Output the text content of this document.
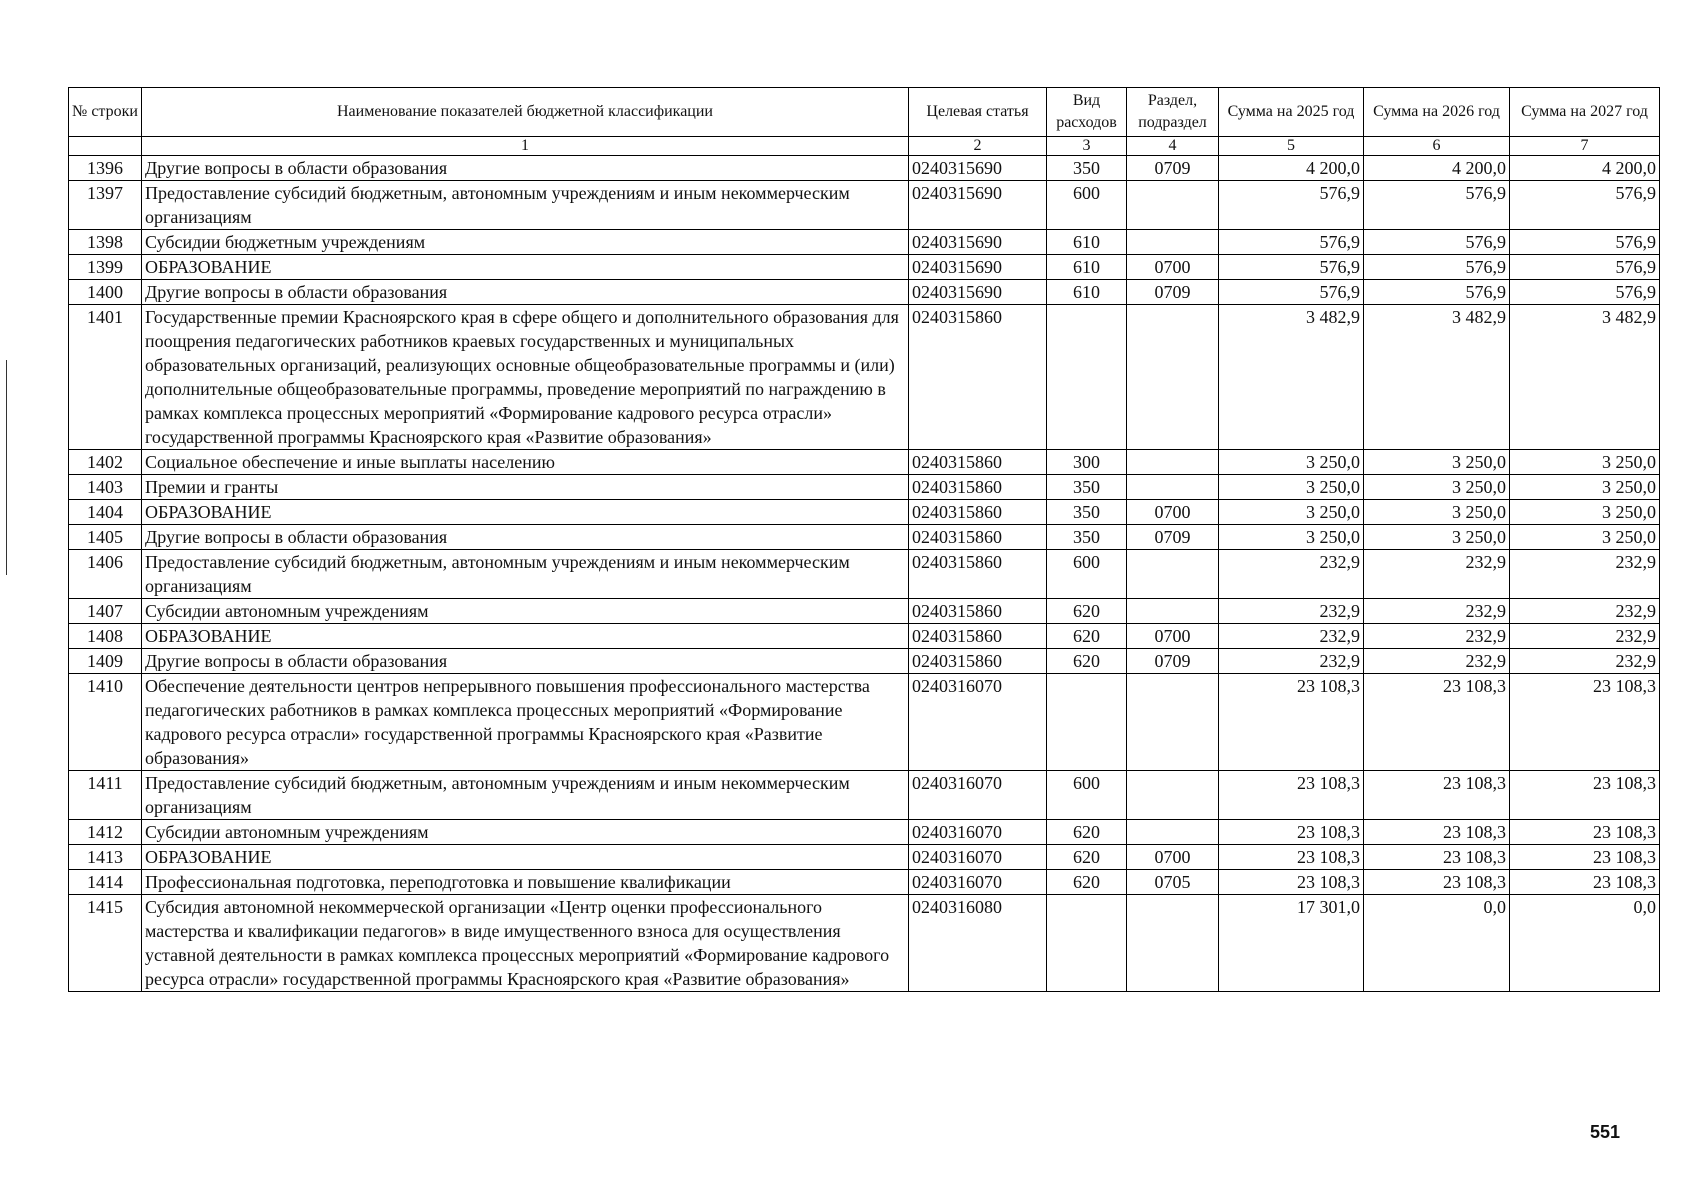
№ строки	Наименование показателей бюджетной классификации	Целевая статья	Вид расходов	Раздел, подраздел	Сумма на 2025 год	Сумма на 2026 год	Сумма на 2027 год
	1	2	3	4	5	6	7
1396	Другие вопросы в области образования	0240315690	350	0709	4 200,0	4 200,0	4 200,0
1397	Предоставление субсидий бюджетным, автономным учреждениям и иным некоммерческим организациям	0240315690	600		576,9	576,9	576,9
1398	Субсидии бюджетным учреждениям	0240315690	610		576,9	576,9	576,9
1399	ОБРАЗОВАНИЕ	0240315690	610	0700	576,9	576,9	576,9
1400	Другие вопросы в области образования	0240315690	610	0709	576,9	576,9	576,9
1401	Государственные премии Красноярского края в сфере общего и дополнительного образования для поощрения педагогических работников краевых государственных и муниципальных образовательных организаций, реализующих основные общеобразовательные программы и (или) дополнительные общеобразовательные программы, проведение мероприятий по награждению в рамках комплекса процессных мероприятий «Формирование кадрового ресурса отрасли» государственной программы Красноярского края «Развитие образования»	0240315860			3 482,9	3 482,9	3 482,9
1402	Социальное обеспечение и иные выплаты населению	0240315860	300		3 250,0	3 250,0	3 250,0
1403	Премии и гранты	0240315860	350		3 250,0	3 250,0	3 250,0
1404	ОБРАЗОВАНИЕ	0240315860	350	0700	3 250,0	3 250,0	3 250,0
1405	Другие вопросы в области образования	0240315860	350	0709	3 250,0	3 250,0	3 250,0
1406	Предоставление субсидий бюджетным, автономным учреждениям и иным некоммерческим организациям	0240315860	600		232,9	232,9	232,9
1407	Субсидии автономным учреждениям	0240315860	620		232,9	232,9	232,9
1408	ОБРАЗОВАНИЕ	0240315860	620	0700	232,9	232,9	232,9
1409	Другие вопросы в области образования	0240315860	620	0709	232,9	232,9	232,9
1410	Обеспечение деятельности центров непрерывного повышения профессионального мастерства педагогических работников в рамках комплекса процессных мероприятий «Формирование кадрового ресурса отрасли» государственной программы Красноярского края «Развитие образования»	0240316070			23 108,3	23 108,3	23 108,3
1411	Предоставление субсидий бюджетным, автономным учреждениям и иным некоммерческим организациям	0240316070	600		23 108,3	23 108,3	23 108,3
1412	Субсидии автономным учреждениям	0240316070	620		23 108,3	23 108,3	23 108,3
1413	ОБРАЗОВАНИЕ	0240316070	620	0700	23 108,3	23 108,3	23 108,3
1414	Профессиональная подготовка, переподготовка и повышение квалификации	0240316070	620	0705	23 108,3	23 108,3	23 108,3
1415	Субсидия автономной некоммерческой организации «Центр оценки профессионального мастерства и квалификации педагогов» в виде имущественного взноса для осуществления уставной деятельности в рамках комплекса процессных мероприятий «Формирование кадрового ресурса отрасли» государственной программы Красноярского края «Развитие образования»	0240316080			17 301,0	0,0	0,0
551
